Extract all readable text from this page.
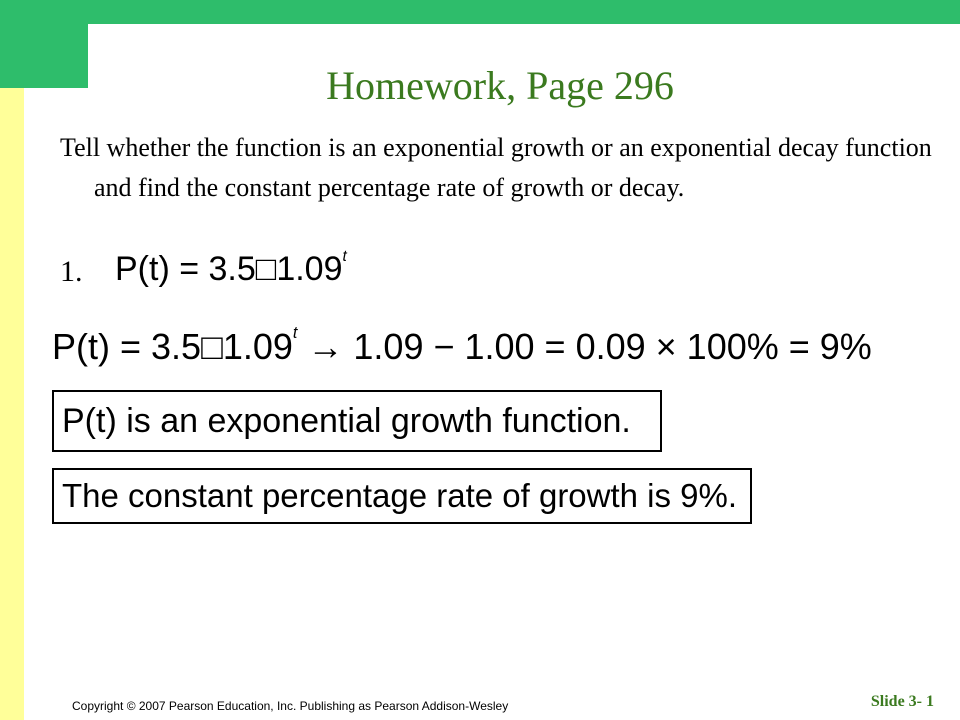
Homework, Page 296
Tell whether the function is an exponential growth or an exponential decay function and find the constant percentage rate of growth or decay.
1. $P(t) = 3.5□1.09^t$
$P(t) = 3.5□1.09^t \to 1.09 - 1.00 = 0.09 \times 100\% = 9\%$
P(t) is an exponential growth function.
The constant percentage rate of growth is 9%.
Copyright © 2007 Pearson Education, Inc. Publishing as Pearson Addison-Wesley	Slide 3- 1
